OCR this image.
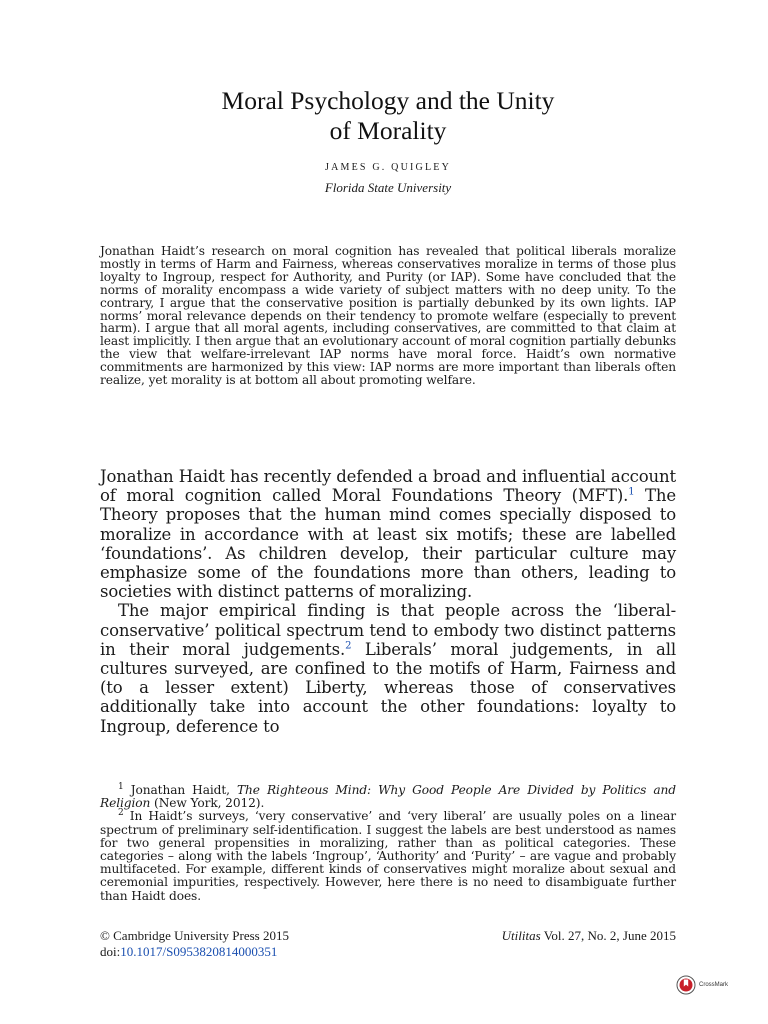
Moral Psychology and the Unity
of Morality
JAMES G. QUIGLEY
Florida State University

Jonathan Haidt’s research on moral cognition has revealed that political liberals moralize mostly in terms of Harm and Fairness, whereas conservatives moralize in terms of those plus loyalty to Ingroup, respect for Authority, and Purity (or IAP). Some have concluded that the norms of morality encompass a wide variety of subject matters with no deep unity. To the contrary, I argue that the conservative position is partially debunked by its own lights. IAP norms’ moral relevance depends on their tendency to promote welfare (especially to prevent harm). I argue that all moral agents, including conservatives, are committed to that claim at least implicitly. I then argue that an evolutionary account of moral cognition partially debunks the view that welfare-irrelevant IAP norms have moral force. Haidt’s own normative commitments are harmonized by this view: IAP norms are more important than liberals often realize, yet morality is at bottom all about promoting welfare.

Jonathan Haidt has recently defended a broad and influential account of moral cognition called Moral Foundations Theory (MFT).$^1$ The Theory proposes that the human mind comes specially disposed to moralize in accordance with at least six motifs; these are labelled ‘foundations’. As children develop, their particular culture may emphasize some of the foundations more than others, leading to societies with distinct patterns of moralizing.

The major empirical finding is that people across the ‘liberal-conservative’ political spectrum tend to embody two distinct patterns in their moral judgements.$^2$ Liberals’ moral judgements, in all cultures surveyed, are confined to the motifs of Harm, Fairness and (to a lesser extent) Liberty, whereas those of conservatives additionally take into account the other foundations: loyalty to Ingroup, deference to

$^1$ Jonathan Haidt, The Righteous Mind: Why Good People Are Divided by Politics and Religion (New York, 2012).

$^2$ In Haidt’s surveys, ‘very conservative’ and ‘very liberal’ are usually poles on a linear spectrum of preliminary self-identification. I suggest the labels are best understood as names for two general propensities in moralizing, rather than as political categories. These categories – along with the labels ‘Ingroup’, ‘Authority’ and ‘Purity’ – are vague and probably multifaceted. For example, different kinds of conservatives might moralize about sexual and ceremonial impurities, respectively. However, here there is no need to disambiguate further than Haidt does.

© Cambridge University Press 2015	Utilitas Vol. 27, No. 2, June 2015
doi:10.1017/S0953820814000351
CrossMark
